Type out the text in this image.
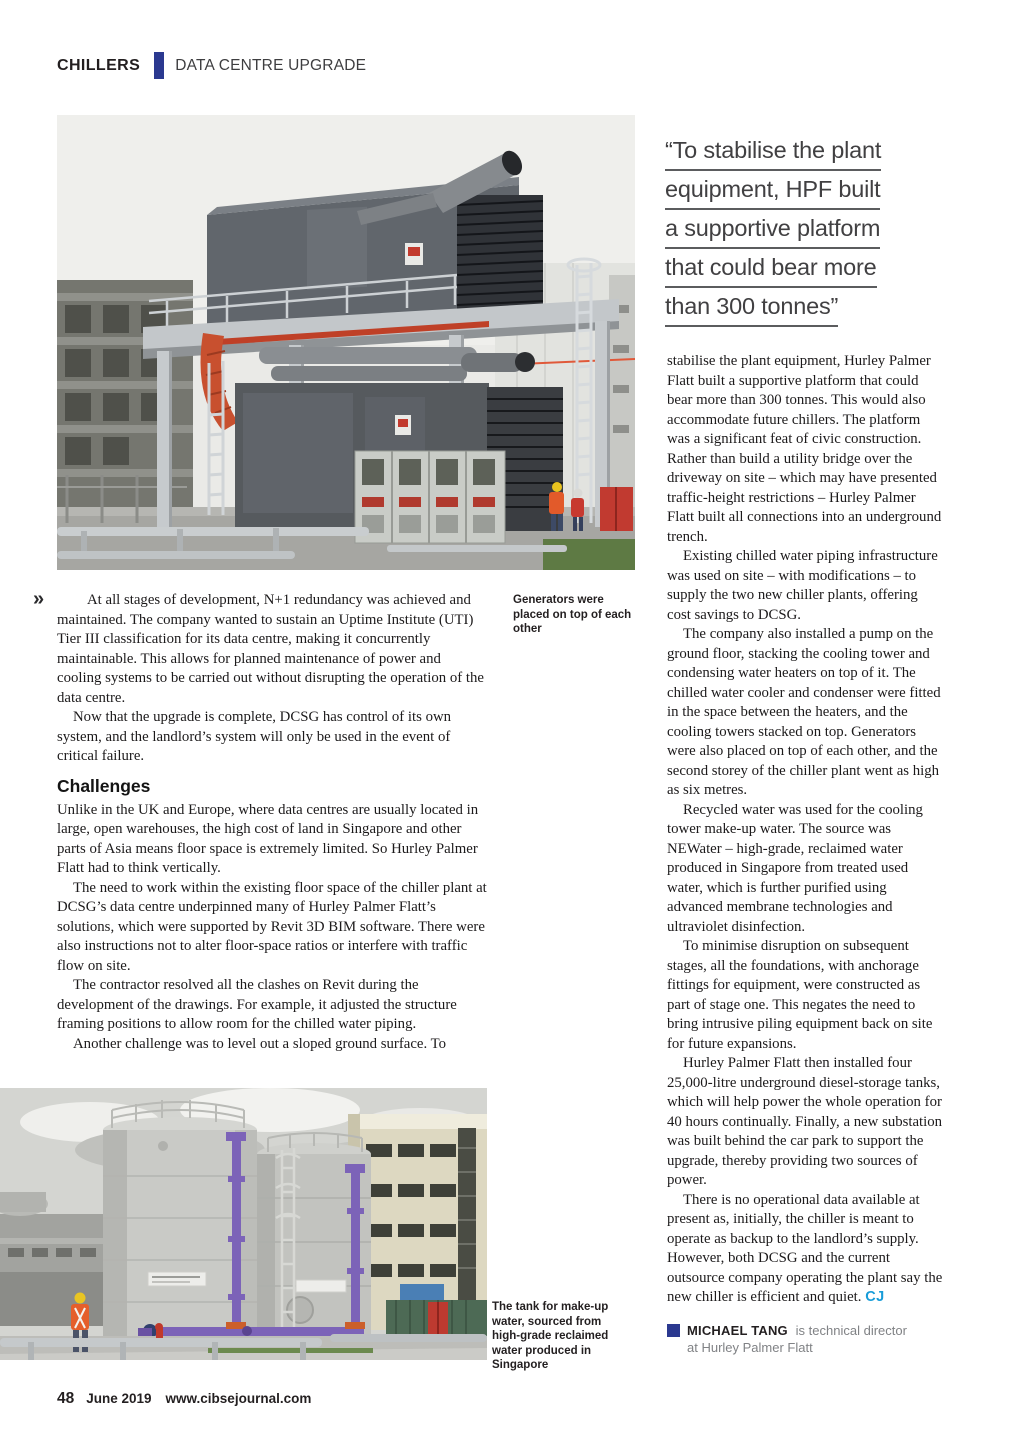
CHILLERS DATA CENTRE UPGRADE
“To stabilise the plant
equipment, HPF built
a supportive platform
that could bear more
than 300 tonnes”
Generators were placed on top of each other
»	At all stages of development, N+1 redundancy was achieved and maintained. The company wanted to sustain an Uptime Institute (UTI) Tier III classification for its data centre, making it concurrently maintainable. This allows for planned maintenance of power and cooling systems to be carried out without disrupting the operation of the data centre.

Now that the upgrade is complete, DCSG has control of its own system, and the landlord’s system will only be used in the event of critical failure.

Challenges

Unlike in the UK and Europe, where data centres are usually located in large, open warehouses, the high cost of land in Singapore and other parts of Asia means floor space is extremely limited. So Hurley Palmer Flatt had to think vertically.

The need to work within the existing floor space of the chiller plant at DCSG’s data centre underpinned many of Hurley Palmer Flatt’s solutions, which were supported by Revit 3D BIM software. There were also instructions not to alter floor-space ratios or interfere with traffic flow on site.

The contractor resolved all the clashes on Revit during the development of the drawings. For example, it adjusted the structure framing positions to allow room for the chilled water piping.

Another challenge was to level out a sloped ground surface. To

stabilise the plant equipment, Hurley Palmer Flatt built a supportive platform that could bear more than 300 tonnes. This would also accommodate future chillers. The platform was a significant feat of civic construction. Rather than build a utility bridge over the driveway on site – which may have presented traffic-height restrictions – Hurley Palmer Flatt built all connections into an underground trench.

Existing chilled water piping infrastructure was used on site – with modifications – to supply the two new chiller plants, offering cost savings to DCSG.

The company also installed a pump on the ground floor, stacking the cooling tower and condensing water heaters on top of it. The chilled water cooler and condenser were fitted in the space between the heaters, and the cooling towers stacked on top. Generators were also placed on top of each other, and the second storey of the chiller plant went as high as six metres.

Recycled water was used for the cooling tower make-up water. The source was NEWater – high-grade, reclaimed water produced in Singapore from treated used water, which is further purified using advanced membrane technologies and ultraviolet disinfection.

To minimise disruption on subsequent stages, all the foundations, with anchorage fittings for equipment, were constructed as part of stage one. This negates the need to bring intrusive piling equipment back on site for future expansions.

Hurley Palmer Flatt then installed four 25,000-litre underground diesel-storage tanks, which will help power the whole operation for 40 hours continually. Finally, a new substation was built behind the car park to support the upgrade, thereby providing two sources of power.

There is no operational data available at present as, initially, the chiller is meant to operate as backup to the landlord’s supply. However, both DCSG and the current outsource company operating the plant say the new chiller is efficient and quiet. CJ

The tank for make-up water, sourced from high-grade reclaimed water produced in Singapore
MICHAEL TANG is technical director
at Hurley Palmer Flatt
48 June 2019 www.cibsejournal.com
